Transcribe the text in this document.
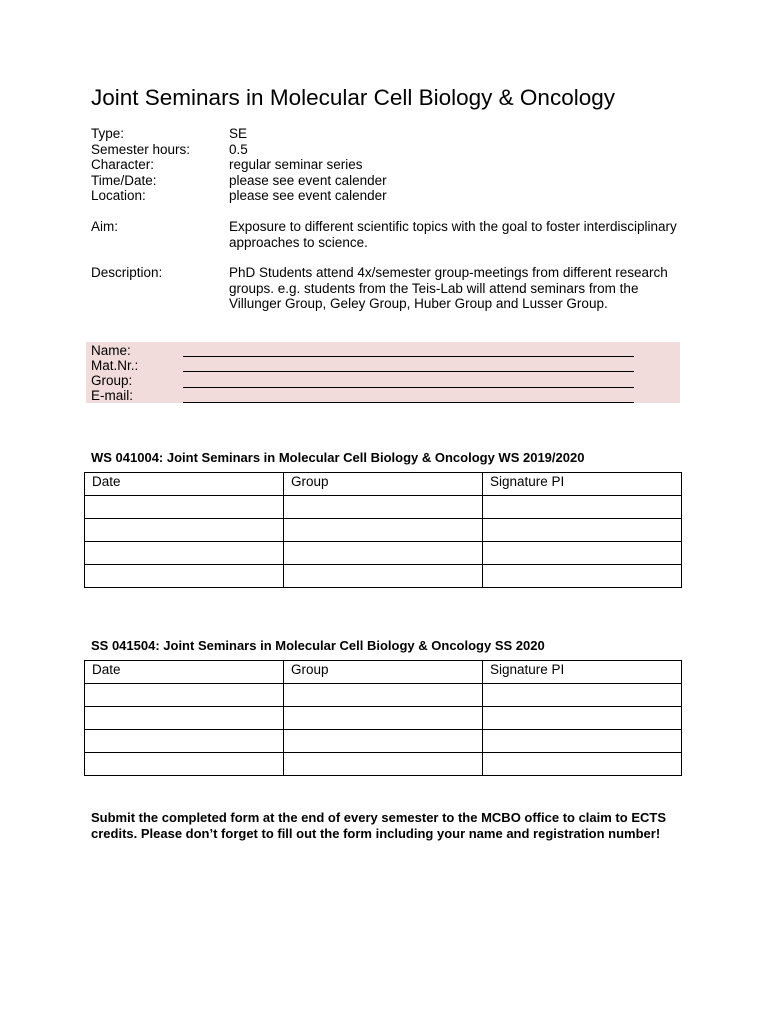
Joint Seminars in Molecular Cell Biology & Oncology
Type:	SE
Semester hours:	0.5
Character:	regular seminar series
Time/Date:	please see event calender
Location:	please see event calender
Aim:	Exposure to different scientific topics with the goal to foster interdisciplinary approaches to science.
Description:	PhD Students attend 4x/semester group-meetings from different research groups. e.g. students from the Teis-Lab will attend seminars from the Villunger Group, Geley Group, Huber Group and Lusser Group.
Name:
Mat.Nr.:
Group:
E-mail:
WS 041004: Joint Seminars in Molecular Cell Biology & Oncology WS 2019/2020
Date	Group	Signature PI

SS 041504: Joint Seminars in Molecular Cell Biology & Oncology SS 2020
Date	Group	Signature PI

Submit the completed form at the end of every semester to the MCBO office to claim to ECTS credits. Please don’t forget to fill out the form including your name and registration number!
